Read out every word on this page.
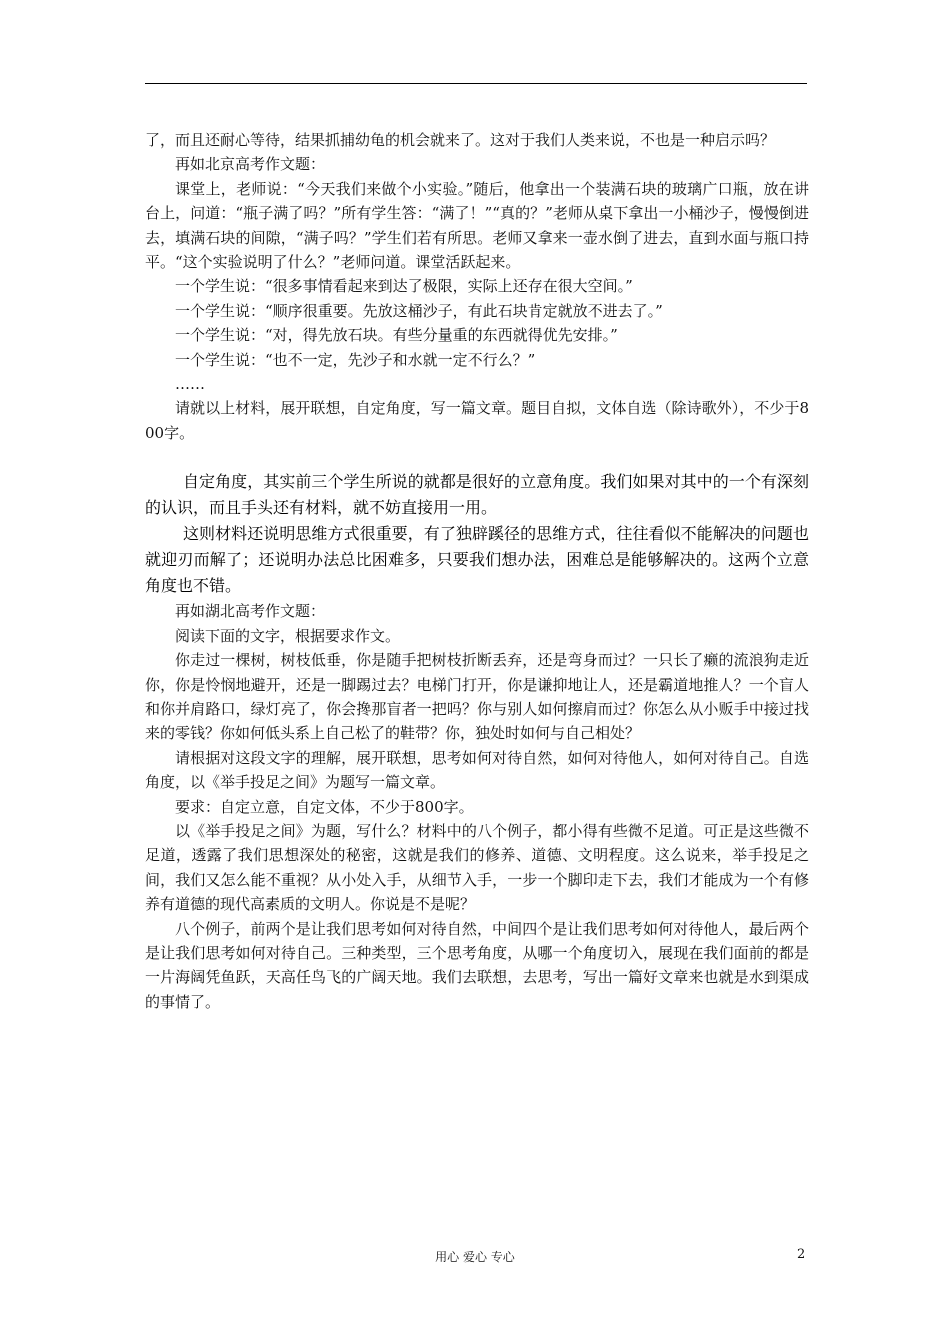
了，而且还耐心等待，结果抓捕幼龟的机会就来了。这对于我们人类来说，不也是一种启示吗？

再如北京高考作文题：

课堂上，老师说：“今天我们来做个小实验。”随后，他拿出一个装满石块的玻璃广口瓶，放在讲台上，问道：“瓶子满了吗？”所有学生答：“满了！”“真的？”老师从桌下拿出一小桶沙子，慢慢倒进去，填满石块的间隙，“满子吗？”学生们若有所思。老师又拿来一壶水倒了进去，直到水面与瓶口持平。“这个实验说明了什么？”老师问道。课堂活跃起来。

一个学生说：“很多事情看起来到达了极限，实际上还存在很大空间。”

一个学生说：“顺序很重要。先放这桶沙子，有此石块肯定就放不进去了。”

一个学生说：“对，得先放石块。有些分量重的东西就得优先安排。”

一个学生说：“也不一定，先沙子和水就一定不行么？”

……

请就以上材料，展开联想，自定角度，写一篇文章。题目自拟，文体自选（除诗歌外），不少于800字。

自定角度，其实前三个学生所说的就都是很好的立意角度。我们如果对其中的一个有深刻的认识，而且手头还有材料，就不妨直接用一用。

这则材料还说明思维方式很重要，有了独辟蹊径的思维方式，往往看似不能解决的问题也就迎刃而解了；还说明办法总比困难多，只要我们想办法，困难总是能够解决的。这两个立意角度也不错。

再如湖北高考作文题：

阅读下面的文字，根据要求作文。

你走过一棵树，树枝低垂，你是随手把树枝折断丢弃，还是弯身而过？一只长了癞的流浪狗走近你，你是怜悯地避开，还是一脚踢过去？电梯门打开，你是谦抑地让人，还是霸道地推人？一个盲人和你并肩路口，绿灯亮了，你会搀那盲者一把吗？你与别人如何擦肩而过？你怎么从小贩手中接过找来的零钱？你如何低头系上自己松了的鞋带？你，独处时如何与自己相处？

请根据对这段文字的理解，展开联想，思考如何对待自然，如何对待他人，如何对待自己。自选角度，以《举手投足之间》为题写一篇文章。

要求：自定立意，自定文体，不少于800字。

以《举手投足之间》为题，写什么？材料中的八个例子，都小得有些微不足道。可正是这些微不足道，透露了我们思想深处的秘密，这就是我们的修养、道德、文明程度。这么说来，举手投足之间，我们又怎么能不重视？从小处入手，从细节入手，一步一个脚印走下去，我们才能成为一个有修养有道德的现代高素质的文明人。你说是不是呢？

八个例子，前两个是让我们思考如何对待自然，中间四个是让我们思考如何对待他人，最后两个是让我们思考如何对待自己。三种类型，三个思考角度，从哪一个角度切入，展现在我们面前的都是一片海阔凭鱼跃，天高任鸟飞的广阔天地。我们去联想，去思考，写出一篇好文章来也就是水到渠成的事情了。

用心 爱心 专心	2
